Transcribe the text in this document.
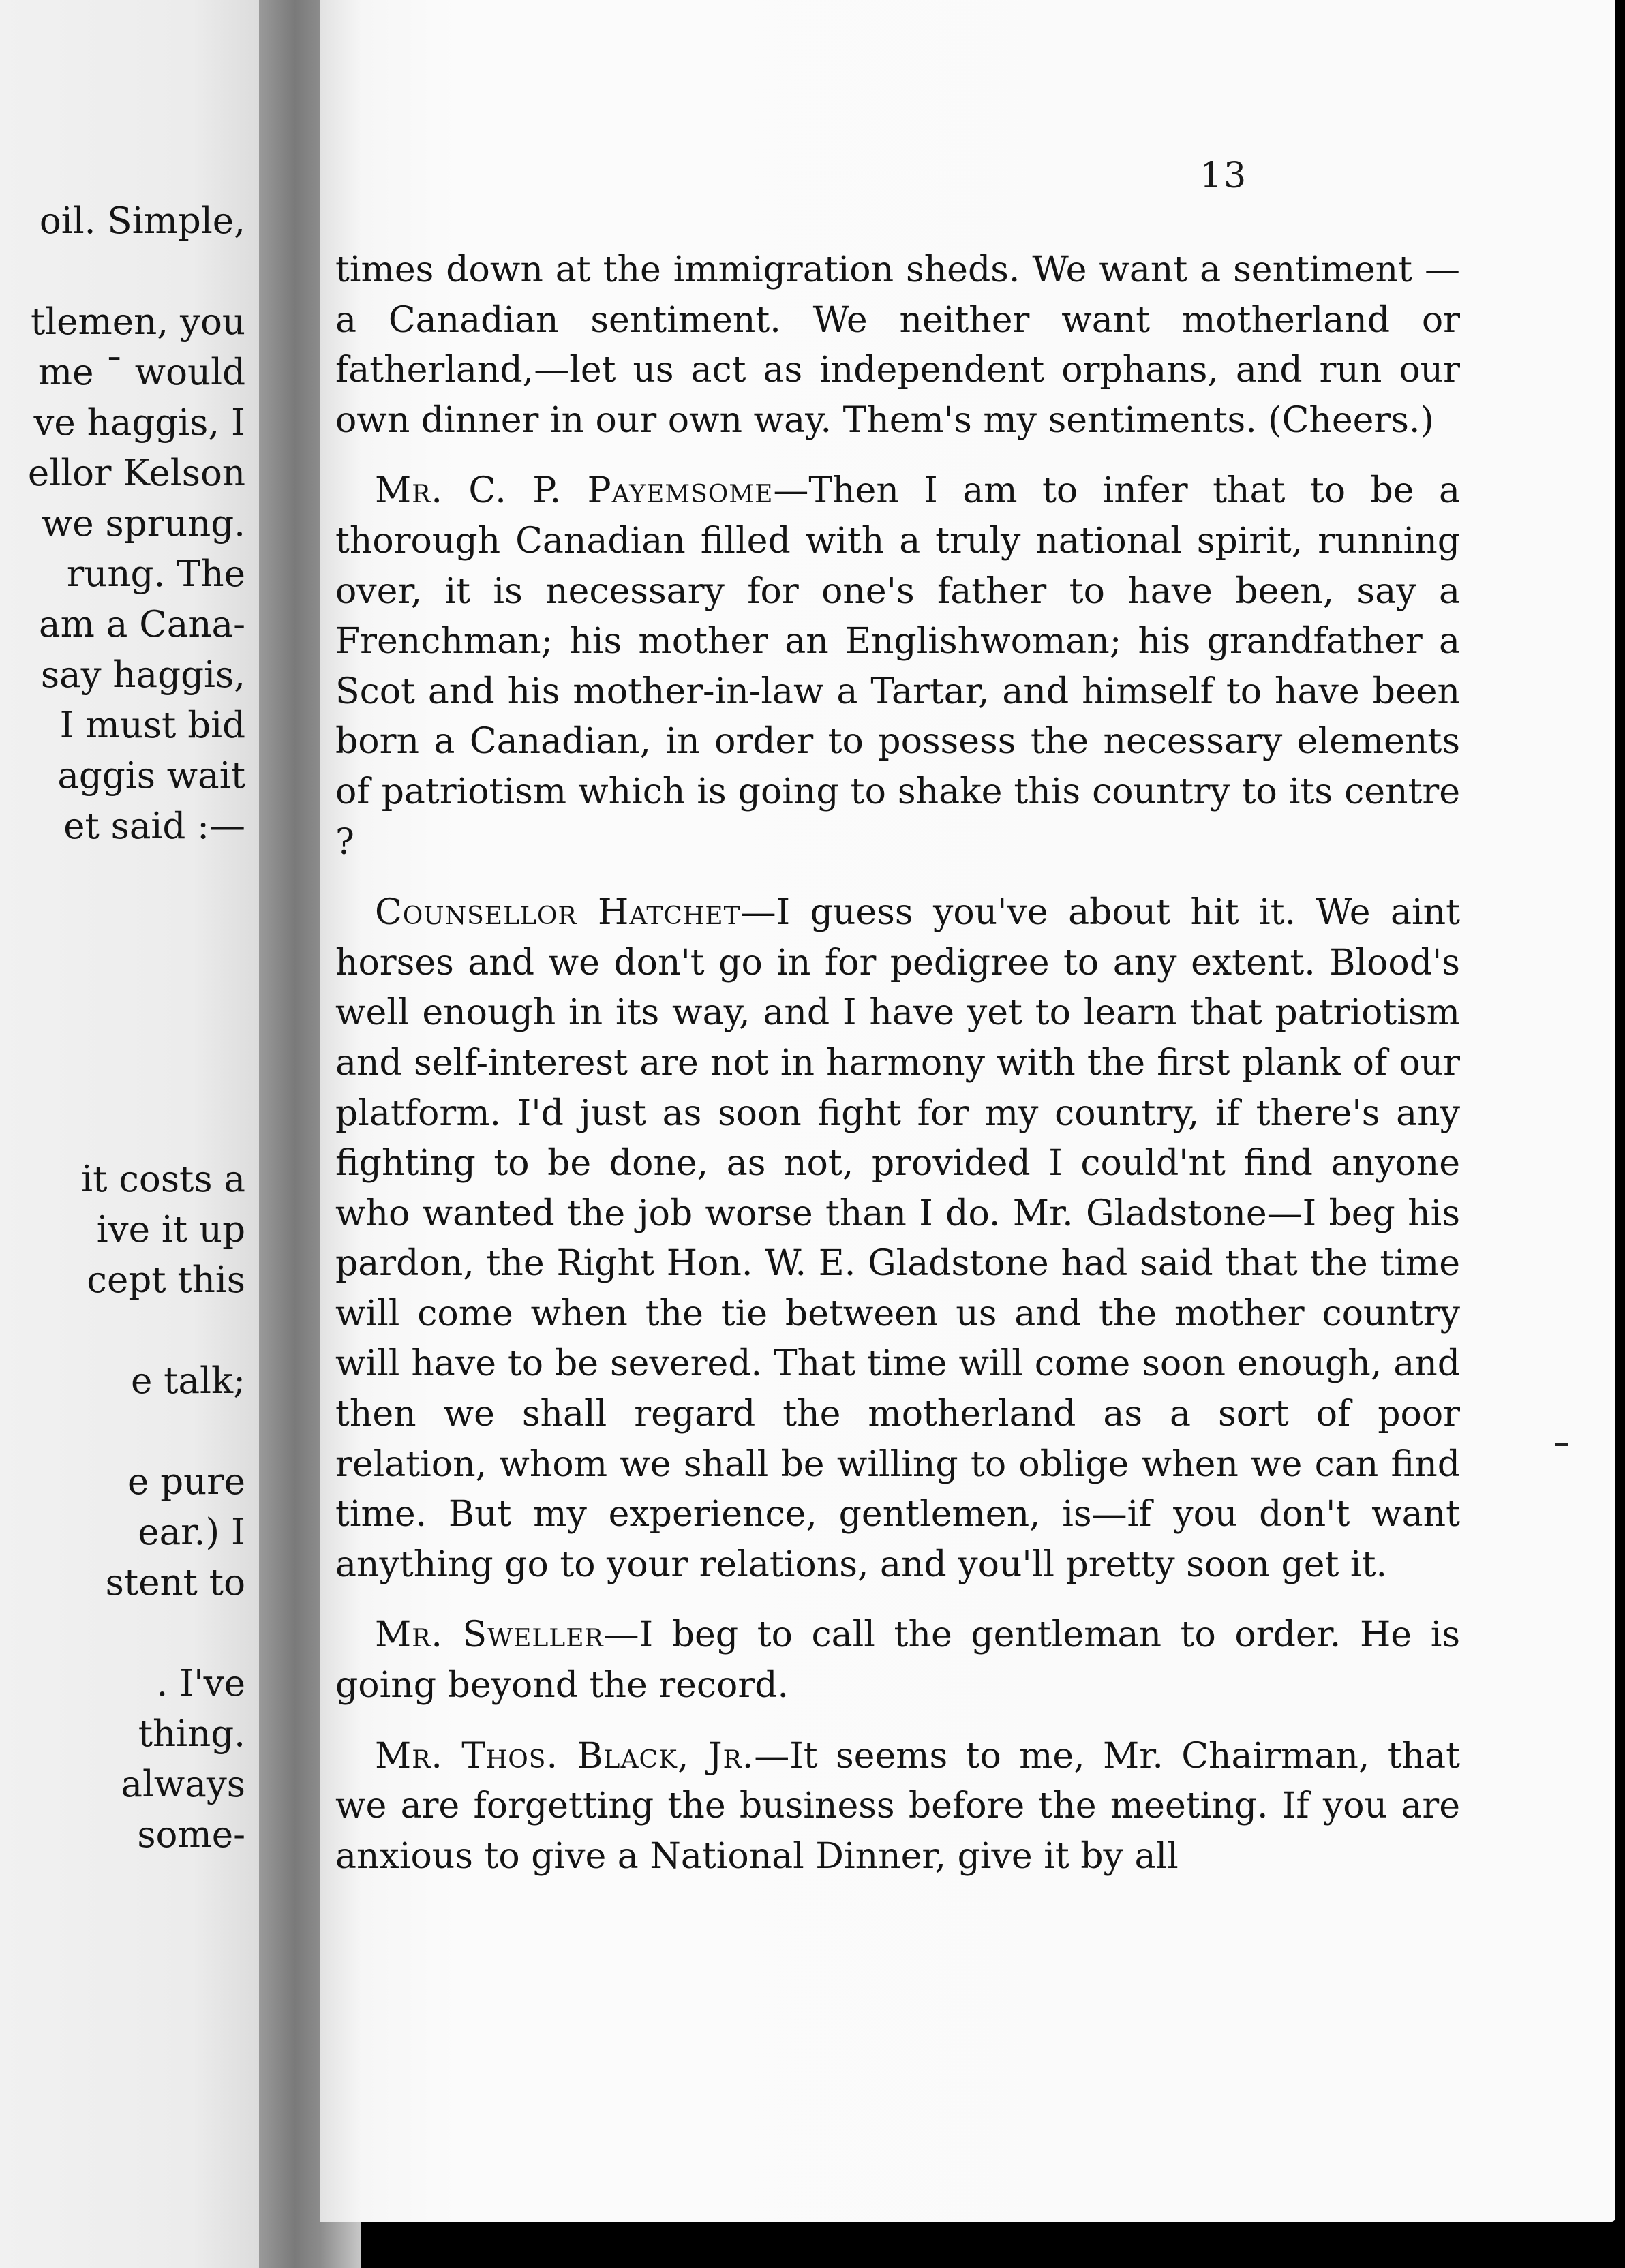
oil. Simple,
tlemen, you
me ¯ would
ve haggis, I
ellor Kelson
we sprung.
rung. The
am a Cana-
say haggis,
I must bid
aggis wait
et said :—
it costs a
ive it up
cept this
e talk;
e pure
ear.) I
stent to
. I've
thing.
always
some-
13

times down at the immigration sheds. We want a sentiment —a Canadian sentiment. We neither want motherland or fatherland,—let us act as independent orphans, and run our own dinner in our own way. Them's my sentiments. (Cheers.)

Mr. C. P. Payemsome—Then I am to infer that to be a thorough Canadian filled with a truly national spirit, running over, it is necessary for one's father to have been, say a Frenchman; his mother an Englishwoman; his grandfather a Scot and his mother-in-law a Tartar, and himself to have been born a Canadian, in order to possess the necessary elements of patriotism which is going to shake this country to its centre ?

Counsellor Hatchet—I guess you've about hit it. We aint horses and we don't go in for pedigree to any extent. Blood's well enough in its way, and I have yet to learn that patriotism and self-interest are not in harmony with the first plank of our platform. I'd just as soon fight for my country, if there's any fighting to be done, as not, provided I could'nt find anyone who wanted the job worse than I do. Mr. Gladstone—I beg his pardon, the Right Hon. W. E. Gladstone had said that the time will come when the tie between us and the mother country will have to be severed. That time will come soon enough, and then we shall regard the motherland as a sort of poor relation, whom we shall be willing to oblige when we can find time. But my experience, gentlemen, is—if you don't want anything go to your relations, and you'll pretty soon get it.

Mr. Sweller—I beg to call the gentleman to order. He is going beyond the record.

Mr. Thos. Black, Jr.—It seems to me, Mr. Chairman, that we are forgetting the business before the meeting. If you are anxious to give a National Dinner, give it by all
